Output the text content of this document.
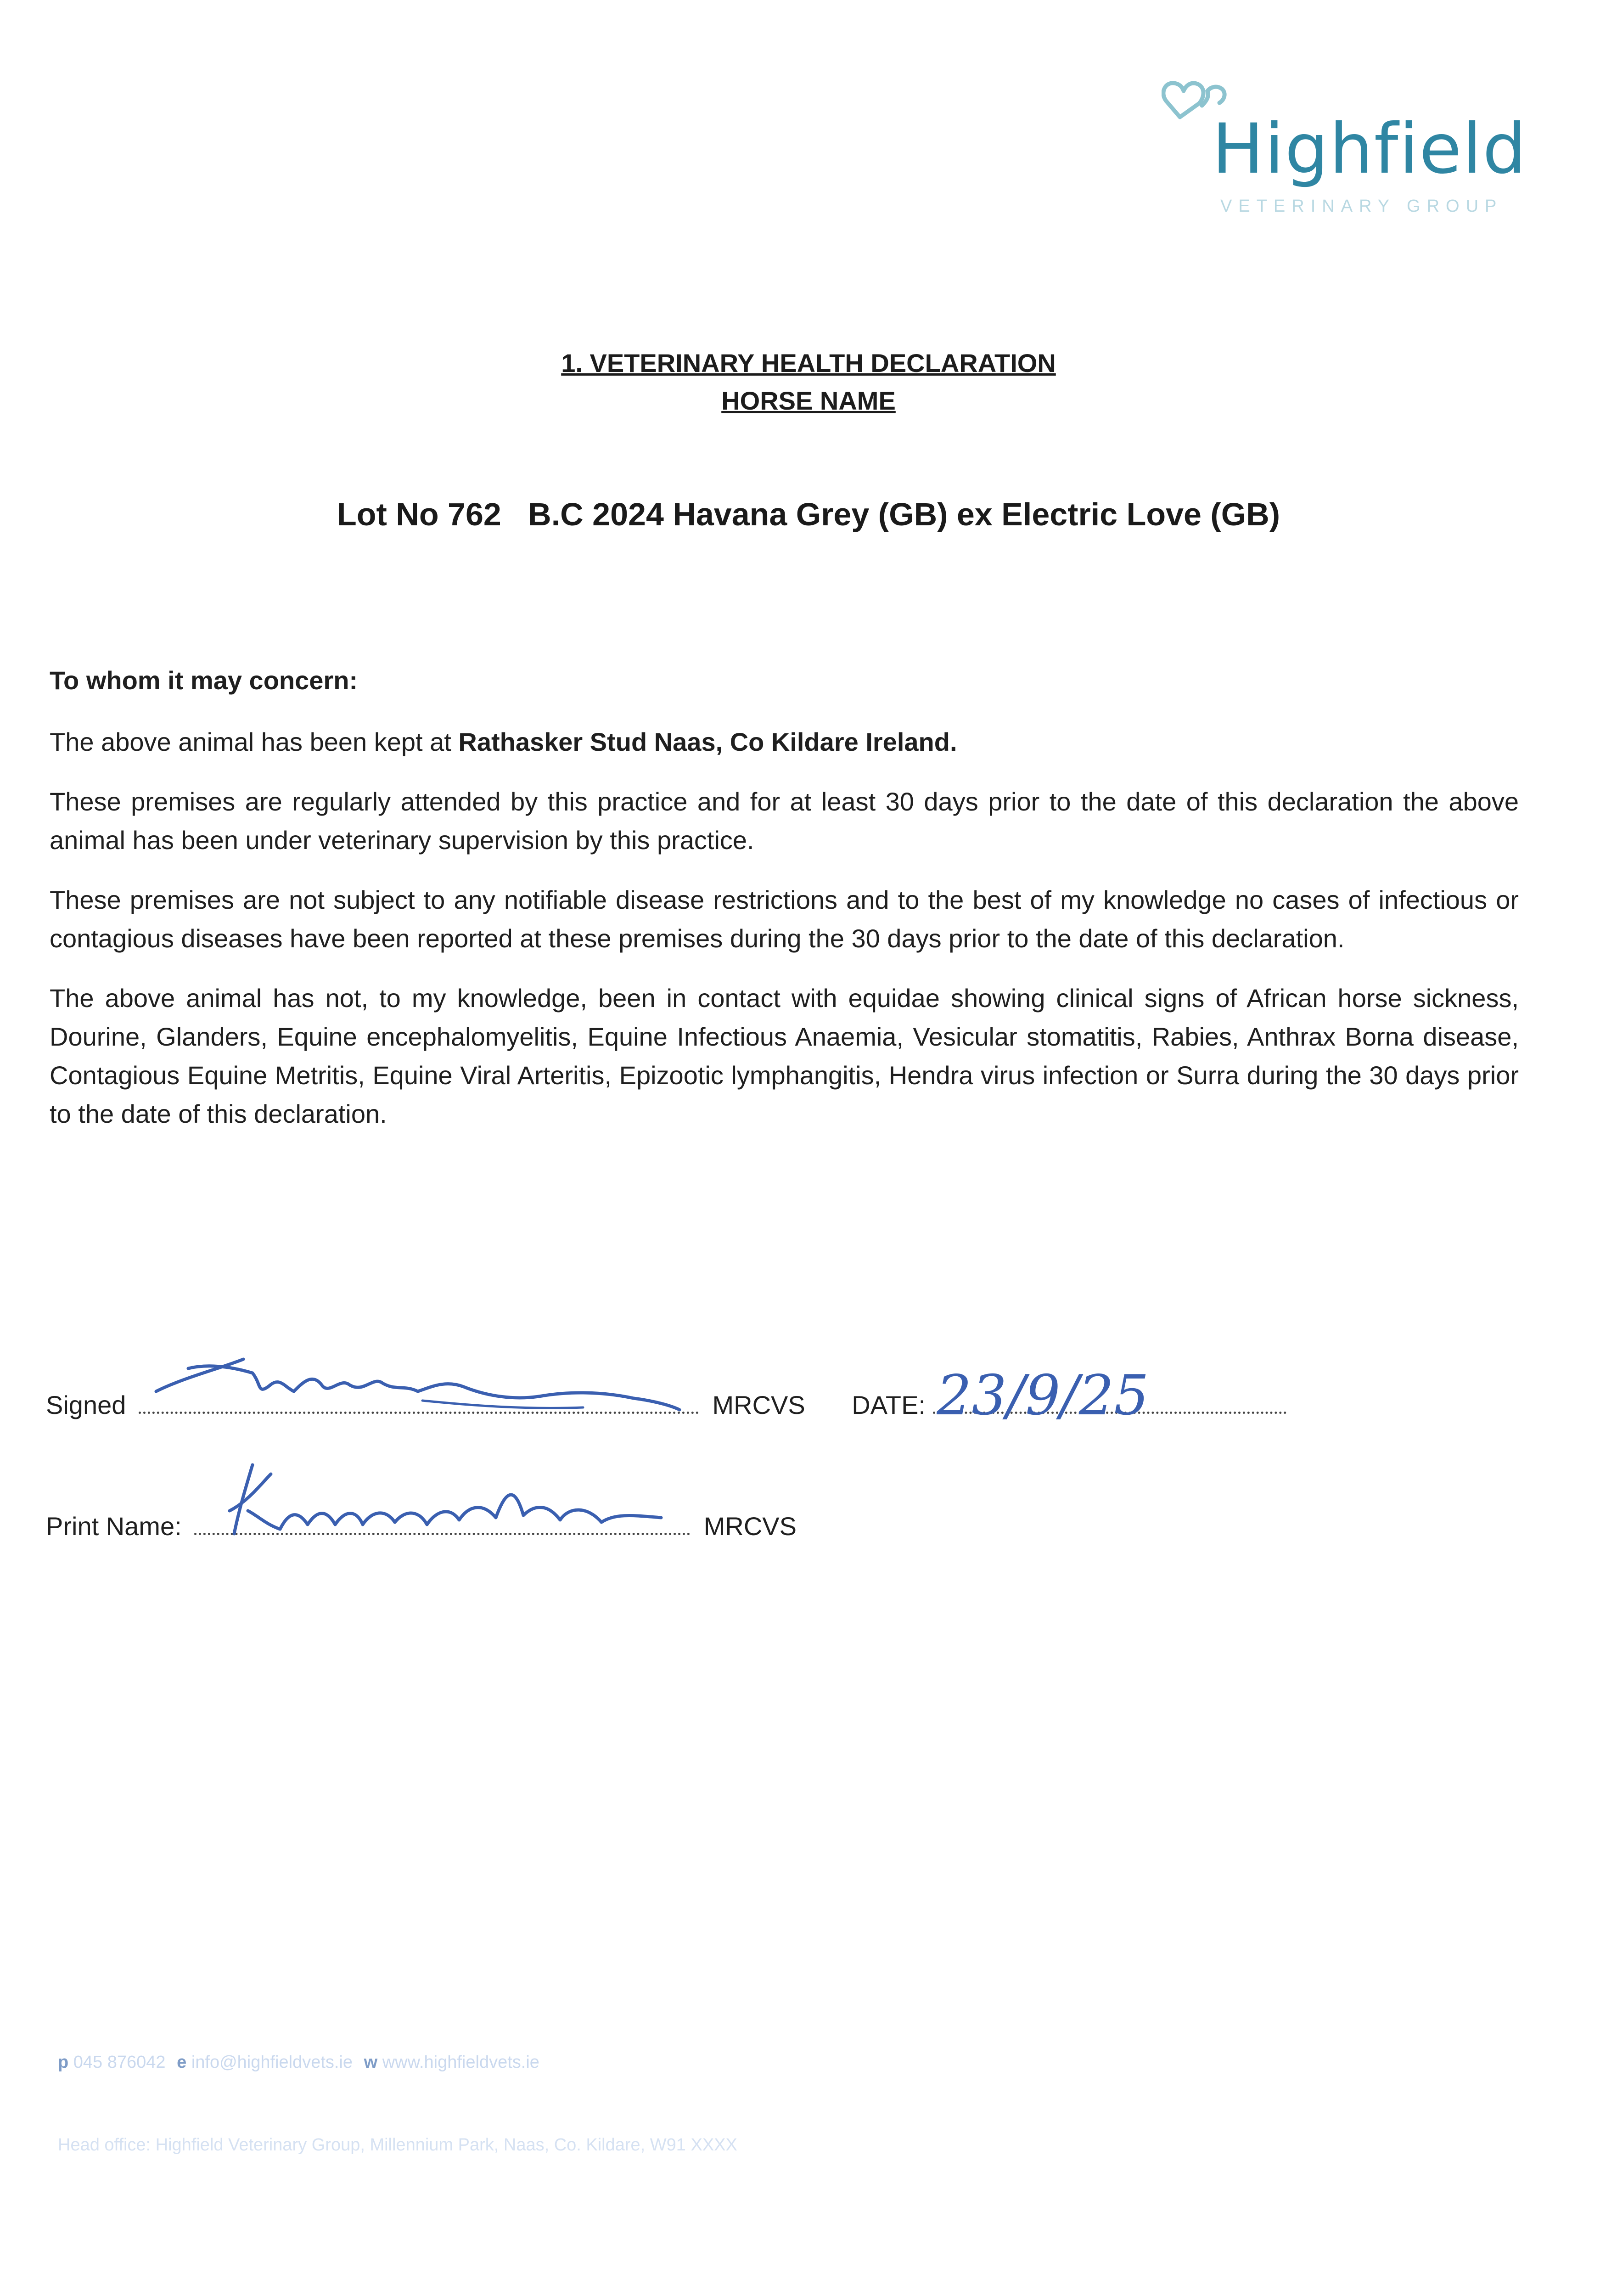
Highfield
VETERINARY GROUP
1. VETERINARY HEALTH DECLARATION
HORSE NAME
Lot No 762   B.C 2024 Havana Grey (GB) ex Electric Love (GB)

To whom it may concern:

The above animal has been kept at Rathasker Stud Naas, Co Kildare Ireland.

These premises are regularly attended by this practice and for at least 30 days prior to the date of this declaration the above animal has been under veterinary supervision by this practice.

These premises are not subject to any notifiable disease restrictions and to the best of my knowledge no cases of infectious or contagious diseases have been reported at these premises during the 30 days prior to the date of this declaration.

The above animal has not, to my knowledge, been in contact with equidae showing clinical signs of African horse sickness, Dourine, Glanders, Equine encephalomyelitis, Equine Infectious Anaemia, Vesicular stomatitis, Rabies, Anthrax Borna disease, Contagious Equine Metritis, Equine Viral Arteritis, Epizootic lymphangitis, Hendra virus infection or Surra during the 30 days prior to the date of this declaration.

Signed	MRCVS DATE: 23/9/25
Print Name:	MRCVS
p 045 876042 e info@highfieldvets.ie w www.highfieldvets.ie
Head office: Highfield Veterinary Group, Millennium Park, Naas, Co. Kildare, W91 XXXX
